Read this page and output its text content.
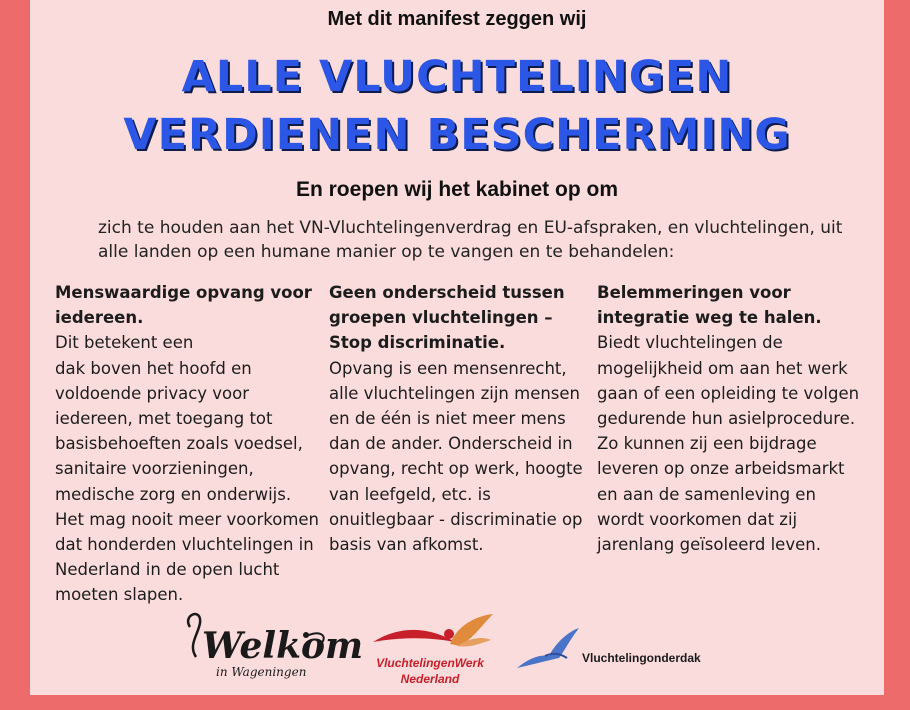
Met dit manifest zeggen wij
ALLE VLUCHTELINGEN
VERDIENEN BESCHERMING
En roepen wij het kabinet op om
zich te houden aan het VN-Vluchtelingenverdrag en EU-afspraken, en vluchtelingen, uit alle landen op een humane manier op te vangen en te behandelen:
Menswaardige opvang voor iedereen.
Dit betekent een
dak boven het hoofd en voldoende privacy voor iedereen, met toegang tot basisbehoeften zoals voedsel, sanitaire voorzieningen, medische zorg en onderwijs. Het mag nooit meer voorkomen dat honderden vluchtelingen in Nederland in de open lucht moeten slapen.
Geen onderscheid tussen groepen vluchtelingen – Stop discriminatie.
Opvang is een mensenrecht, alle vluchtelingen zijn mensen en de één is niet meer mens dan de ander. Onderscheid in opvang, recht op werk, hoogte van leefgeld, etc. is onuitlegbaar - discriminatie op basis van afkomst.
Belemmeringen voor integratie weg te halen.
Biedt vluchtelingen de mogelijkheid om aan het werk gaan of een opleiding te volgen gedurende hun asielprocedure. Zo kunnen zij een bijdrage leveren op onze arbeidsmarkt en aan de samenleving en wordt voorkomen dat zij jarenlang geïsoleerd leven.
Welkom
in Wageningen
VluchtelingenWerk
Nederland
Vluchtelingonderdak
